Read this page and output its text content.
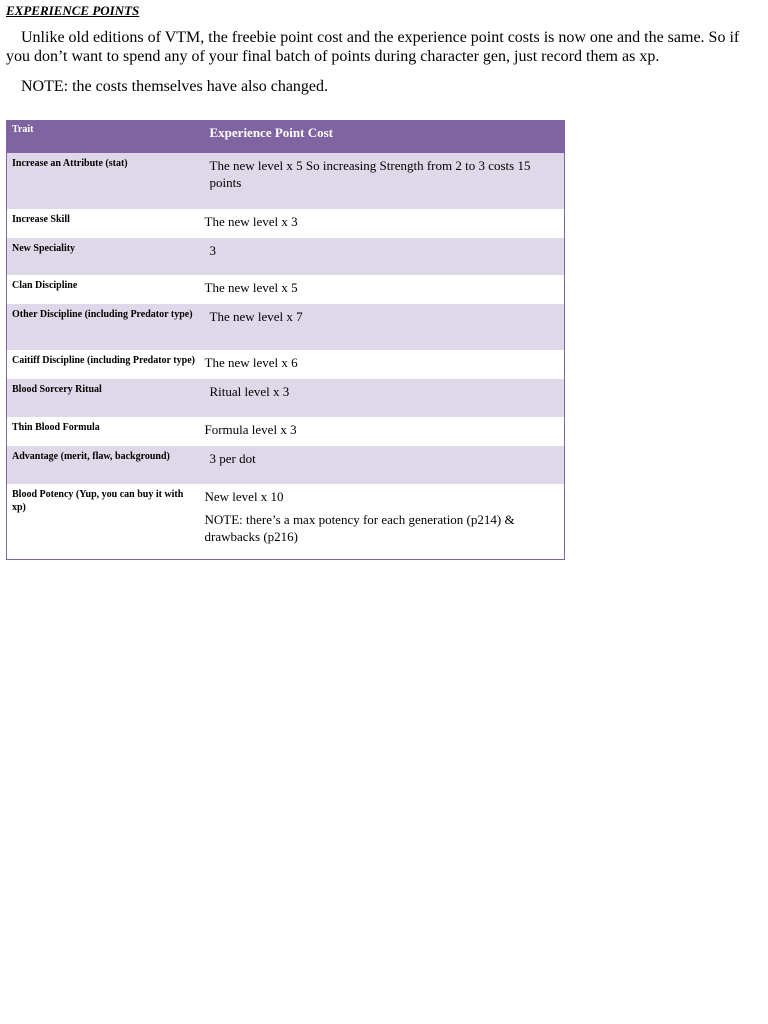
EXPERIENCE POINTS

Unlike old editions of VTM, the freebie point cost and the experience point costs is now one and the same. So if you don’t want to spend any of your final batch of points during character gen, just record them as xp.

NOTE: the costs themselves have also changed.

Trait	Experience Point Cost

Increase an Attribute (stat)	The new level x 5 So increasing Strength from 2 to 3 costs 15 points
Increase Skill	The new level x 3
New Speciality	3
Clan Discipline	The new level x 5
Other Discipline (including Predator type)	The new level x 7
Caitiff Discipline (including Predator type)	The new level x 6
Blood Sorcery Ritual	Ritual level x 3
Thin Blood Formula	Formula level x 3
Advantage (merit, flaw, background)	3 per dot
Blood Potency (Yup, you can buy it with xp)	New level x 10
NOTE: there’s a max potency for each generation (p214) & drawbacks (p216)
